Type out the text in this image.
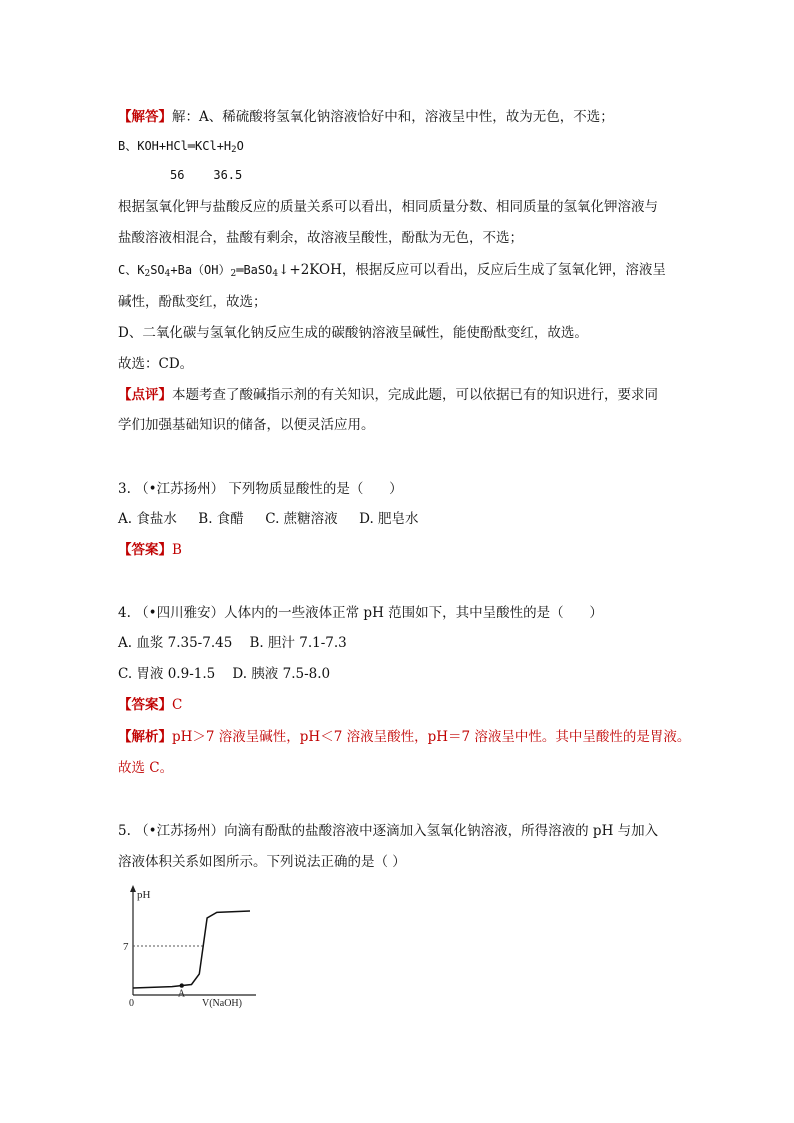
【解答】解：A、稀硫酸将氢氧化钠溶液恰好中和，溶液呈中性，故为无色，不选；
B、$KOH+HCl═KCl+H_2O$
56    36.5
根据氢氧化钾与盐酸反应的质量关系可以看出，相同质量分数、相同质量的氢氧化钾溶液与
盐酸溶液相混合，盐酸有剩余，故溶液呈酸性，酚酞为无色，不选；
C、$K_2SO_4+Ba(OH)_2═BaSO_4↓+2KOH$，根据反应可以看出，反应后生成了氢氧化钾，溶液呈
碱性，酚酞变红，故选；
D、二氧化碳与氢氧化钠反应生成的碳酸钠溶液呈碱性，能使酚酞变红，故选。
故选：CD。
【点评】本题考查了酸碱指示剂的有关知识，完成此题，可以依据已有的知识进行，要求同
学们加强基础知识的储备，以便灵活应用。
3. （•江苏扬州） 下列物质显酸性的是（      ）
A. 食盐水     B. 食醋     C. 蔗糖溶液     D. 肥皂水
【答案】B
4. （•四川雅安）人体内的一些液体正常 pH 范围如下，其中呈酸性的是（      ）
A. 血浆 7.35-7.45    B. 胆汁 7.1-7.3
C. 胃液 0.9-1.5    D. 胰液 7.5-8.0
【答案】C
【解析】pH＞7 溶液呈碱性，pH＜7 溶液呈酸性，pH＝7 溶液呈中性。其中呈酸性的是胃液。
故选 C。
5. （•江苏扬州）向滴有酚酞的盐酸溶液中逐滴加入氢氧化钠溶液，所得溶液的 pH 与加入
溶液体积关系如图所示。下列说法正确的是（ ）
pH
7
0
A
V(NaOH)
